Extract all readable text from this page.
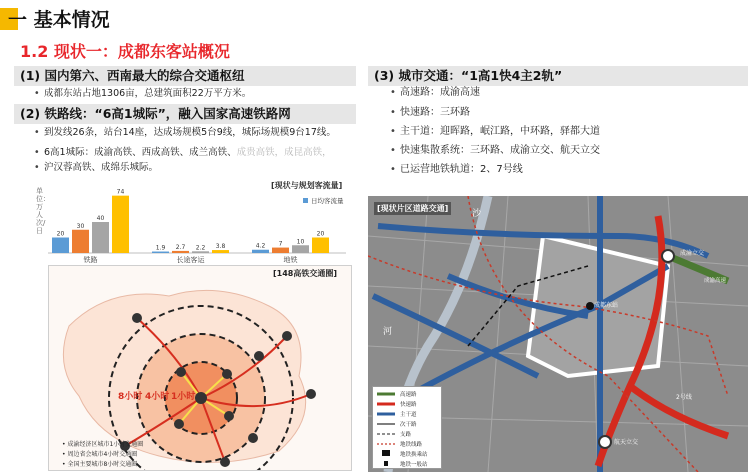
一 基本情况
1.2 现状一：成都东客站概况
(1) 国内第六、西南最大的综合交通枢纽
• 成都东站占地1306亩，总建筑面积22万平方米。
(2) 铁路线：“6高1城际”，融入国家高速铁路网
• 到发线26条，站台14座，达成场规模5台9线，城际场规模9台17线。
• 6高1城际：成渝高铁、西成高铁、成兰高铁、成贵高铁，成昆高铁，
• 沪汉蓉高铁、成绵乐城际。
单位：万人次/日
[现状与规划客流量]
20
30
40
74
铁路
1.9 2.7 2.2 3.8
长途客运
4.2 7 10
20
地铁
日均客流量
[148高铁交通圈]
8小时 4小时 1小时
• 成渝经济区城市1小时交通圈
• 周边省会城市4小时交通圈
• 全国主要城市8小时交通圈
(3) 城市交通：“1高1快4主2轨”
• 高速路：成渝高速
• 快速路：三环路
• 主干道：迎晖路，岷江路，中环路，驿都大道
• 快速集散系统：三环路、成渝立交、航天立交
• 已运营地铁轨道：2、7号线
[现状片区道路交通]
沙
河
成都东站
成渝立交
航天立交
2号线
成渝高速
高速路
快速路
主干道
次干路
支路
地铁线路
地铁换乘站
地铁一般站
